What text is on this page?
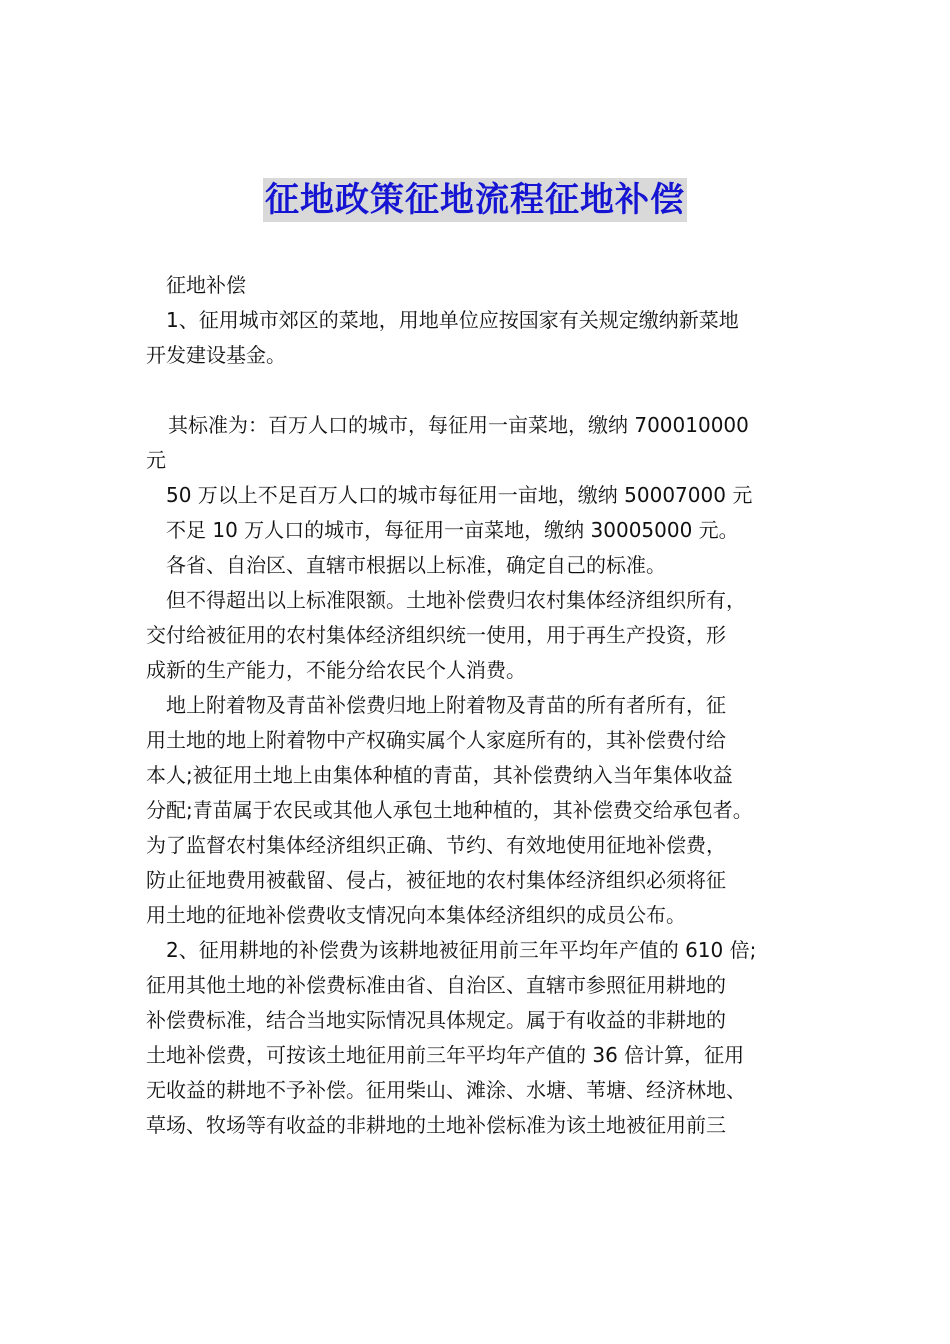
征地政策征地流程征地补偿
征地补偿
1、征用城市郊区的菜地，用地单位应按国家有关规定缴纳新菜地
开发建设基金。
其标准为：百万人口的城市，每征用一亩菜地，缴纳 700010000
元
50 万以上不足百万人口的城市每征用一亩地，缴纳 50007000 元
不足 10 万人口的城市，每征用一亩菜地，缴纳 30005000 元。
各省、自治区、直辖市根据以上标准，确定自己的标准。
但不得超出以上标准限额。土地补偿费归农村集体经济组织所有，
交付给被征用的农村集体经济组织统一使用，用于再生产投资，形
成新的生产能力，不能分给农民个人消费。
地上附着物及青苗补偿费归地上附着物及青苗的所有者所有，征
用土地的地上附着物中产权确实属个人家庭所有的，其补偿费付给
本人;被征用土地上由集体种植的青苗，其补偿费纳入当年集体收益
分配;青苗属于农民或其他人承包土地种植的，其补偿费交给承包者。
为了监督农村集体经济组织正确、节约、有效地使用征地补偿费，
防止征地费用被截留、侵占，被征地的农村集体经济组织必须将征
用土地的征地补偿费收支情况向本集体经济组织的成员公布。
2、征用耕地的补偿费为该耕地被征用前三年平均年产值的 610 倍;
征用其他土地的补偿费标准由省、自治区、直辖市参照征用耕地的
补偿费标准，结合当地实际情况具体规定。属于有收益的非耕地的
土地补偿费，可按该土地征用前三年平均年产值的 36 倍计算，征用
无收益的耕地不予补偿。征用柴山、滩涂、水塘、苇塘、经济林地、
草场、牧场等有收益的非耕地的土地补偿标准为该土地被征用前三
